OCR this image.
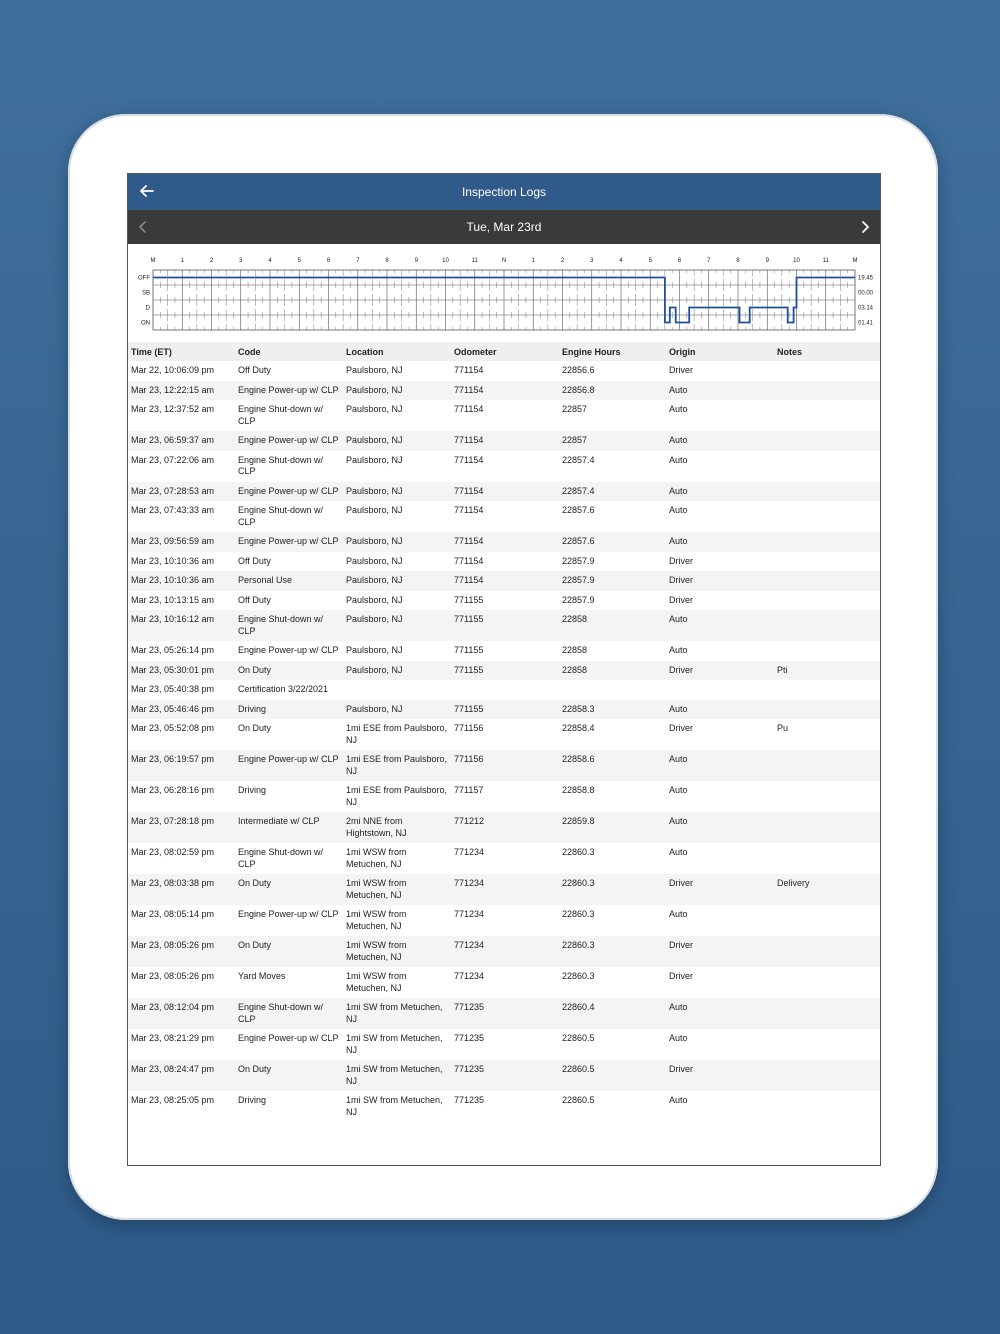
Inspection Logs
Tue, Mar 23rd
M	1	2	3	4	5	6	7	8	9	10	11	N	1	2	3	4	5	6	7	8	9	10	11	M
OFF	19.45
SB	00.00
D	03.14
ON	01.41
Time (ET)	Code	Location	Odometer	Engine Hours	Origin	Notes
Mar 22, 10:06:09 pm	Off Duty	Paulsboro, NJ	771154	22856.6	Driver	
Mar 23, 12:22:15 am	Engine Power-up w/ CLP	Paulsboro, NJ	771154	22856.8	Auto	
Mar 23, 12:37:52 am	Engine Shut-down w/ CLP	Paulsboro, NJ	771154	22857	Auto	
Mar 23, 06:59:37 am	Engine Power-up w/ CLP	Paulsboro, NJ	771154	22857	Auto	
Mar 23, 07:22:06 am	Engine Shut-down w/ CLP	Paulsboro, NJ	771154	22857.4	Auto	
Mar 23, 07:28:53 am	Engine Power-up w/ CLP	Paulsboro, NJ	771154	22857.4	Auto	
Mar 23, 07:43:33 am	Engine Shut-down w/ CLP	Paulsboro, NJ	771154	22857.6	Auto	
Mar 23, 09:56:59 am	Engine Power-up w/ CLP	Paulsboro, NJ	771154	22857.6	Auto	
Mar 23, 10:10:36 am	Off Duty	Paulsboro, NJ	771154	22857.9	Driver	
Mar 23, 10:10:36 am	Personal Use	Paulsboro, NJ	771154	22857.9	Driver	
Mar 23, 10:13:15 am	Off Duty	Paulsboro, NJ	771155	22857.9	Driver	
Mar 23, 10:16:12 am	Engine Shut-down w/ CLP	Paulsboro, NJ	771155	22858	Auto	
Mar 23, 05:26:14 pm	Engine Power-up w/ CLP	Paulsboro, NJ	771155	22858	Auto	
Mar 23, 05:30:01 pm	On Duty	Paulsboro, NJ	771155	22858	Driver	Pti
Mar 23, 05:40:38 pm	Certification 3/22/2021					
Mar 23, 05:46:46 pm	Driving	Paulsboro, NJ	771155	22858.3	Auto	
Mar 23, 05:52:08 pm	On Duty	1mi ESE from Paulsboro, NJ	771156	22858.4	Driver	Pu
Mar 23, 06:19:57 pm	Engine Power-up w/ CLP	1mi ESE from Paulsboro, NJ	771156	22858.6	Auto	
Mar 23, 06:28:16 pm	Driving	1mi ESE from Paulsboro, NJ	771157	22858.8	Auto	
Mar 23, 07:28:18 pm	Intermediate w/ CLP	2mi NNE from Hightstown, NJ	771212	22859.8	Auto	
Mar 23, 08:02:59 pm	Engine Shut-down w/ CLP	1mi WSW from Metuchen, NJ	771234	22860.3	Auto	
Mar 23, 08:03:38 pm	On Duty	1mi WSW from Metuchen, NJ	771234	22860.3	Driver	Delivery
Mar 23, 08:05:14 pm	Engine Power-up w/ CLP	1mi WSW from Metuchen, NJ	771234	22860.3	Auto	
Mar 23, 08:05:26 pm	On Duty	1mi WSW from Metuchen, NJ	771234	22860.3	Driver	
Mar 23, 08:05:26 pm	Yard Moves	1mi WSW from Metuchen, NJ	771234	22860.3	Driver	
Mar 23, 08:12:04 pm	Engine Shut-down w/ CLP	1mi SW from Metuchen, NJ	771235	22860.4	Auto	
Mar 23, 08:21:29 pm	Engine Power-up w/ CLP	1mi SW from Metuchen, NJ	771235	22860.5	Auto	
Mar 23, 08:24:47 pm	On Duty	1mi SW from Metuchen, NJ	771235	22860.5	Driver	
Mar 23, 08:25:05 pm	Driving	1mi SW from Metuchen, NJ	771235	22860.5	Auto	
